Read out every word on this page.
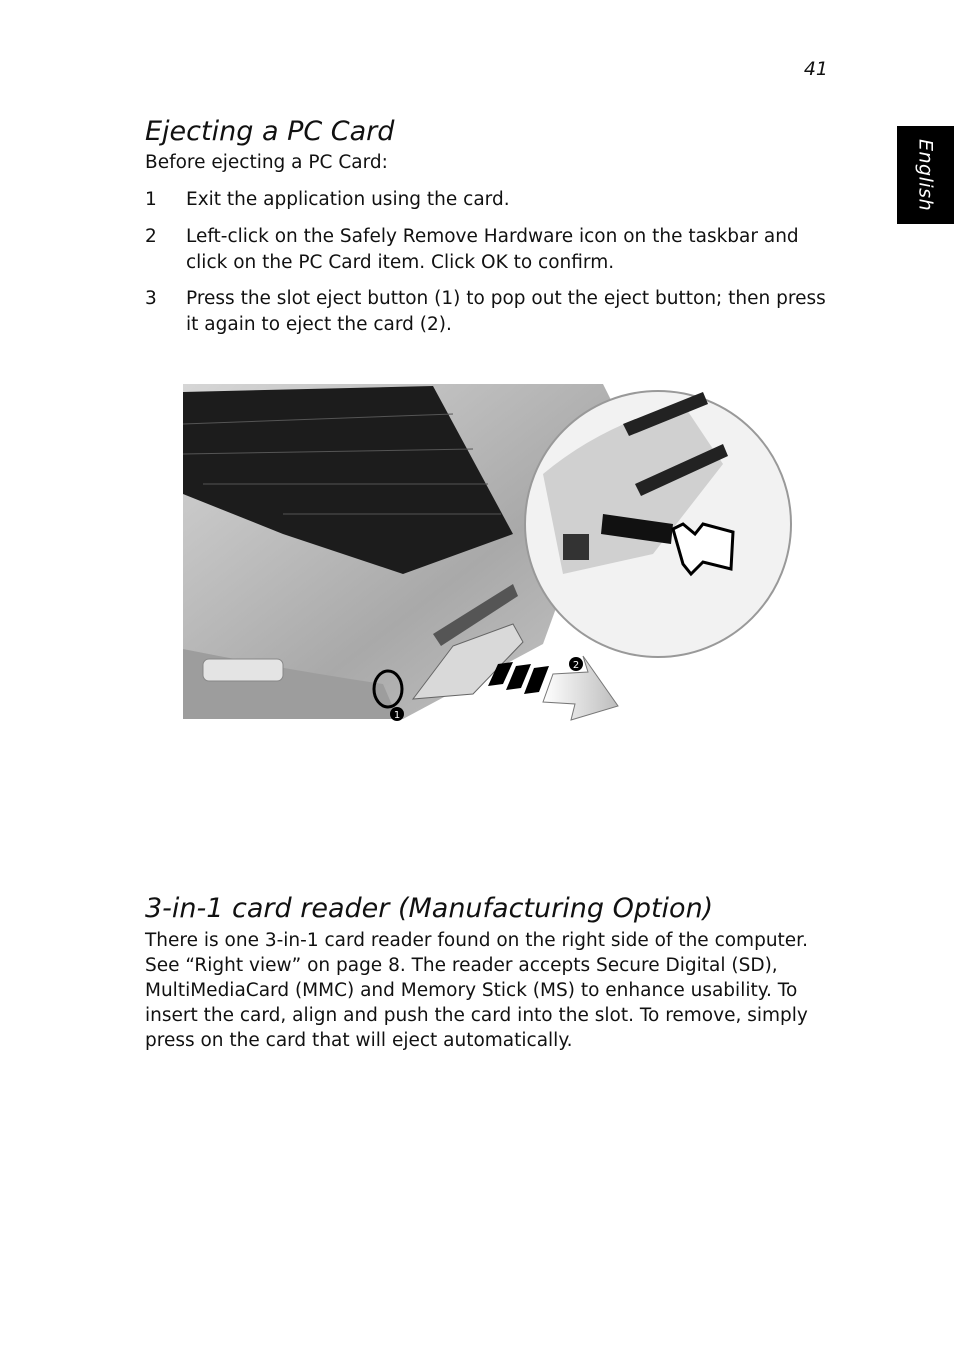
41
English
Ejecting a PC Card

Before ejecting a PC Card:

1 Exit the application using the card.
2 Left-click on the Safely Remove Hardware icon on the taskbar and click on the PC Card item. Click OK to confirm.
3 Press the slot eject button (1) to pop out the eject button; then press it again to eject the card (2).
1
2
3-in-1 card reader (Manufacturing Option)

There is one 3-in-1 card reader found on the right side of the computer. See “Right view” on page 8. The reader accepts Secure Digital (SD), MultiMediaCard (MMC) and Memory Stick (MS) to enhance usability. To insert the card, align and push the card into the slot. To remove, simply press on the card that will eject automatically.
